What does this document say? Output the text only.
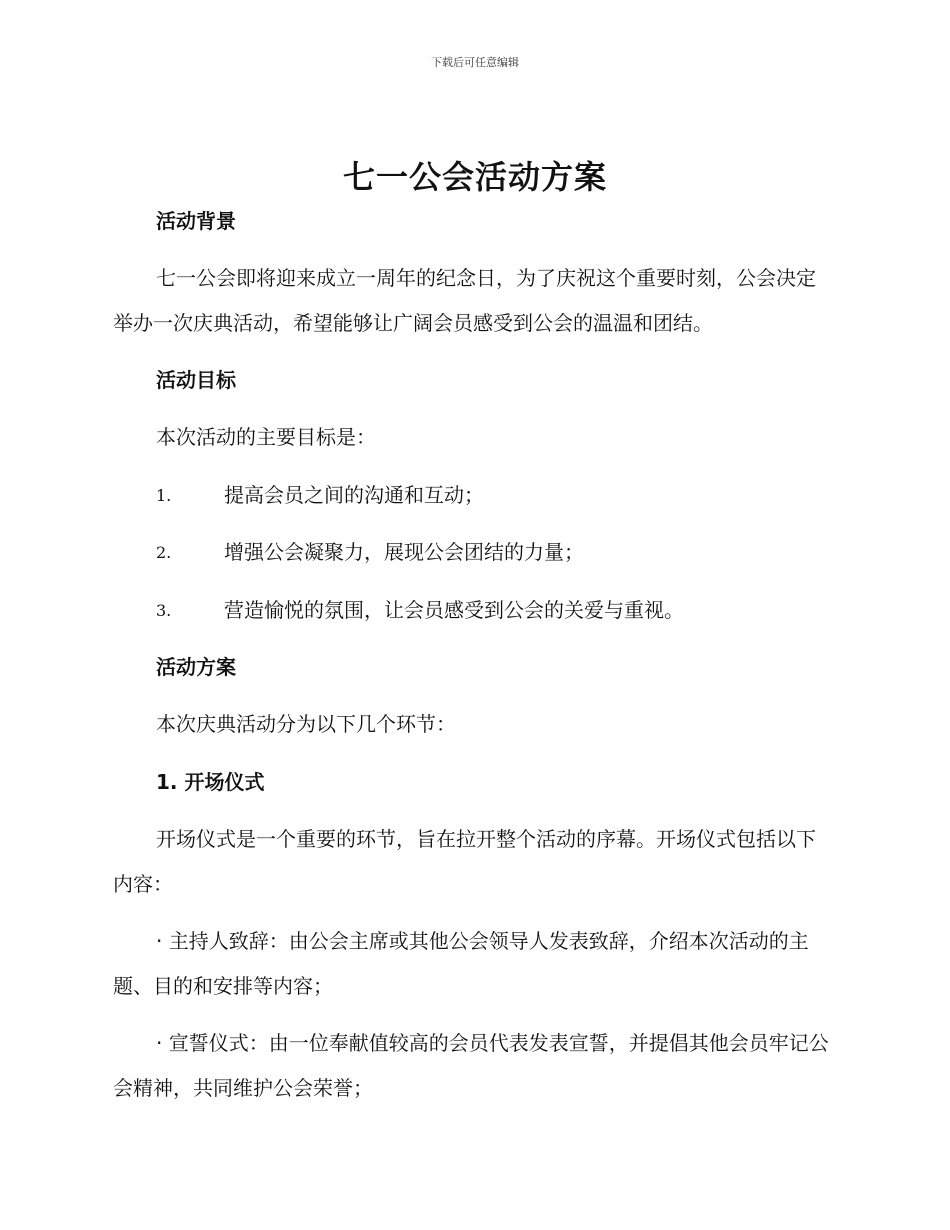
下载后可任意编辑
七一公会活动方案

活动背景

七一公会即将迎来成立一周年的纪念日，为了庆祝这个重要时刻，公会决定举办一次庆典活动，希望能够让广阔会员感受到公会的温温和团结。

活动目标

本次活动的主要目标是：

1.	提高会员之间的沟通和互动；
2.	增强公会凝聚力，展现公会团结的力量；
3.	营造愉悦的氛围，让会员感受到公会的关爱与重视。

活动方案

本次庆典活动分为以下几个环节：

1. 开场仪式

开场仪式是一个重要的环节，旨在拉开整个活动的序幕。开场仪式包括以下内容：

· 主持人致辞：由公会主席或其他公会领导人发表致辞，介绍本次活动的主题、目的和安排等内容；

· 宣誓仪式：由一位奉献值较高的会员代表发表宣誓，并提倡其他会员牢记公会精神，共同维护公会荣誉；
